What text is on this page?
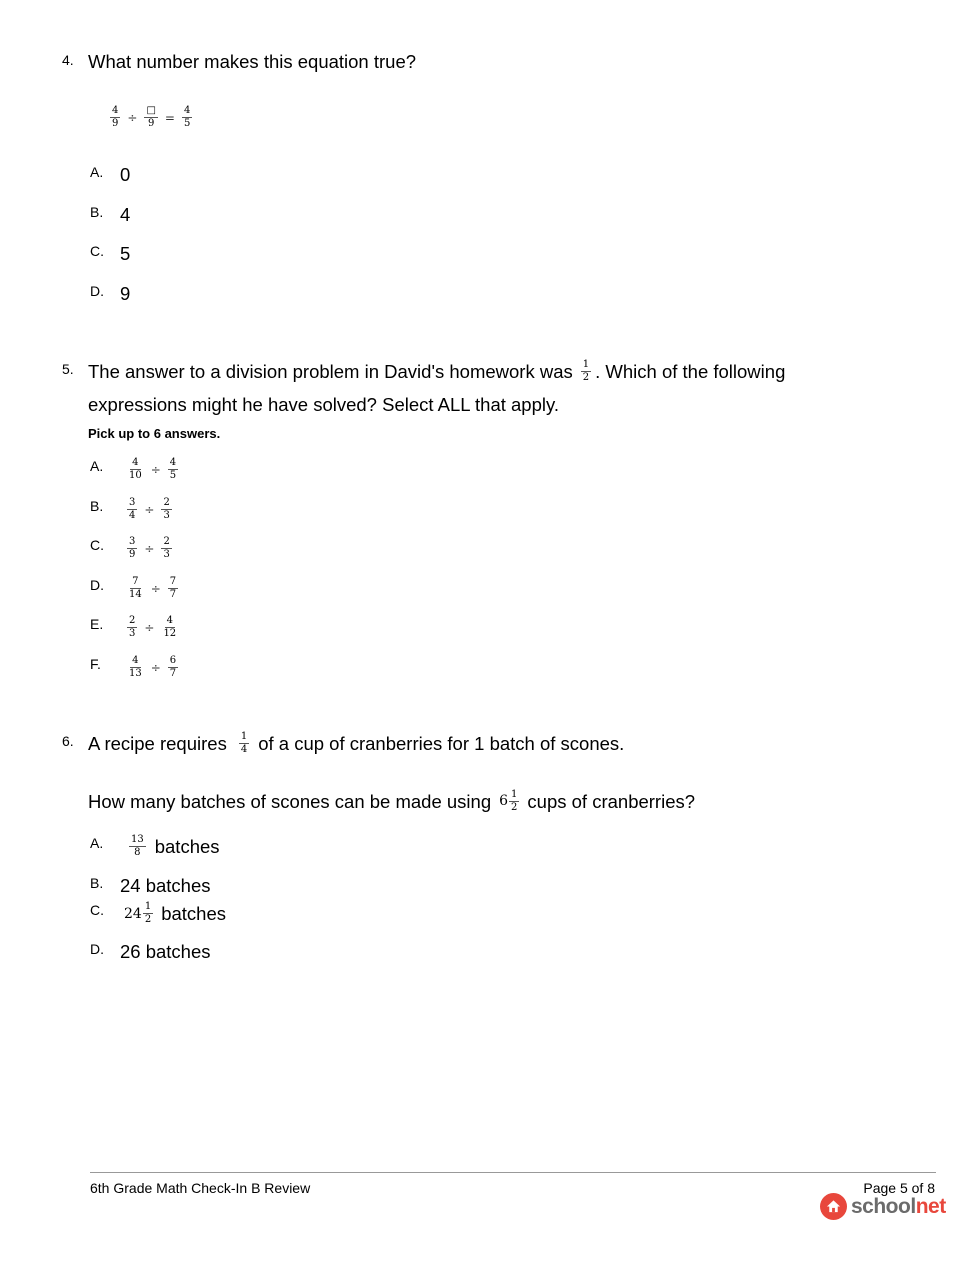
4. What number makes this equation true?
$\frac{4}{9} \div \frac{□}{9} = \frac{4}{5}$
A. 0
B. 4
C. 5
D. 9
5. The answer to a division problem in David's homework was $\frac{1}{2}$ . Which of the following
expressions might he have solved? Select ALL that apply.
Pick up to 6 answers.
A. $\frac{4}{10} \div \frac{4}{5}$
B. $\frac{3}{4} \div \frac{2}{3}$
C. $\frac{3}{9} \div \frac{2}{3}$
D. $\frac{7}{14} \div \frac{7}{7}$
E. $\frac{2}{3} \div \frac{4}{12}$
F.	$\frac{4}{13} \div \frac{6}{7}$
6. A recipe requires $\frac{1}{4}$ of a cup of cranberries for 1 batch of scones.
How many batches of scones can be made using $6 \frac{1}{2}$ cups of cranberries?
A.	$\frac{13}{8}$ batches
B. 24 batches
C. $24 \frac{1}{2}$ batches
D. 26 batches
6th Grade Math Check-In B Review	Page 5 of 8
schoolnet
